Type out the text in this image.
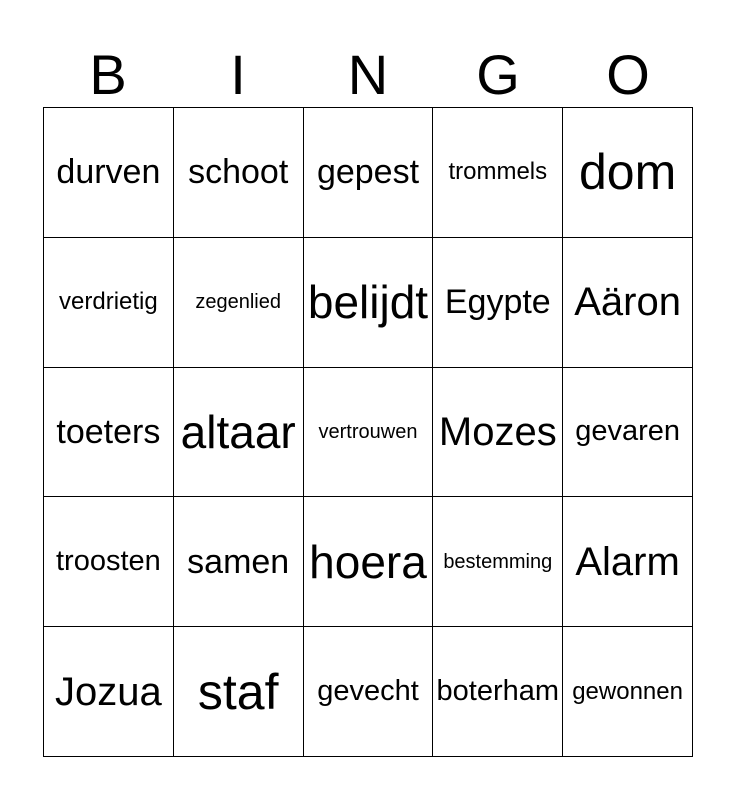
B	I	N	G	O
durven schoot gepest	trommels dom
verdrietig	zegenlied belijdt Egypte Aäron
toeters altaar	vertrouwen Mozes gevaren
troosten samen hoera bestemming Alarm
Jozua staf	gevecht boterham gewonnen
